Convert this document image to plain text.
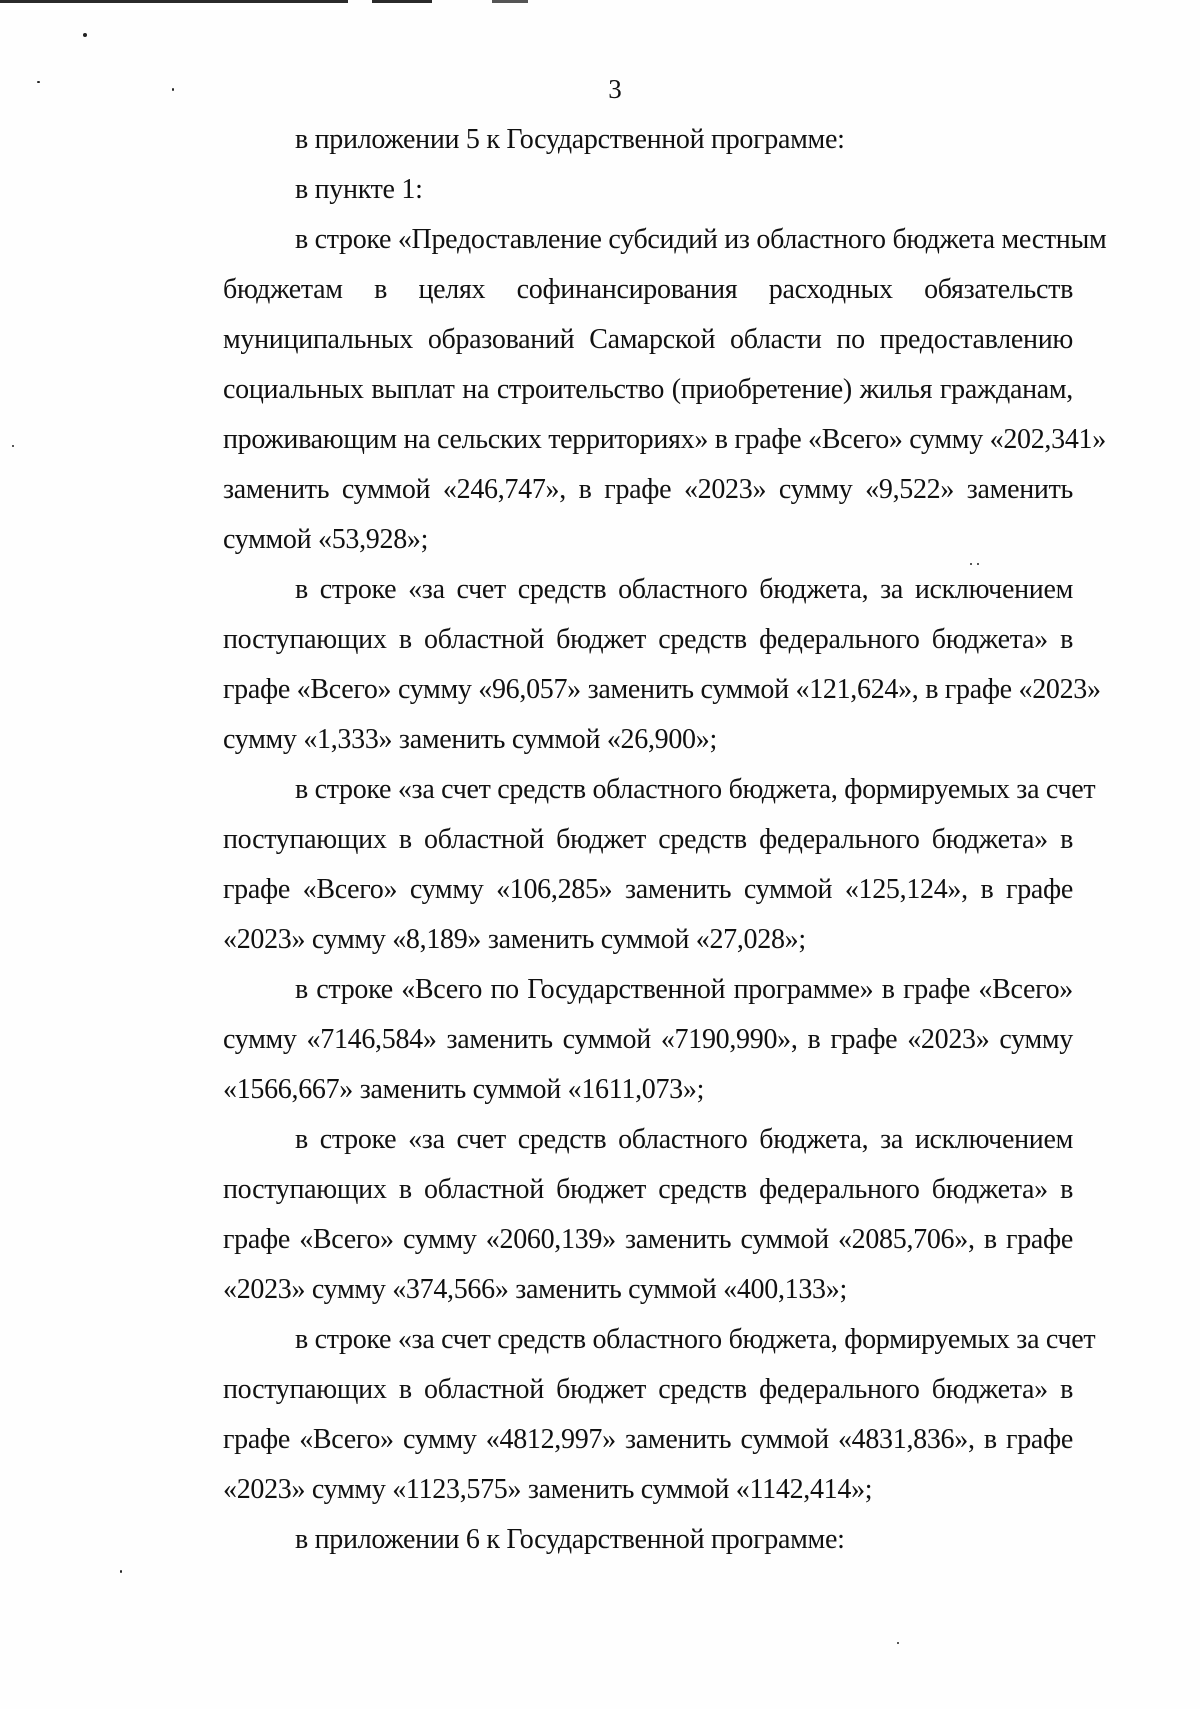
3

в приложении 5 к Государственной программе:

в пункте 1:

в строке «Предоставление субсидий из областного бюджета местным
бюджетам в целях софинансирования расходных обязательств
муниципальных образований Самарской области по предоставлению
социальных выплат на строительство (приобретение) жилья гражданам,
проживающим на сельских территориях» в графе «Всего» сумму «202,341»
заменить суммой «246,747», в графе «2023» сумму «9,522» заменить
суммой «53,928»;

в строке «за счет средств областного бюджета, за исключением
поступающих в областной бюджет средств федерального бюджета» в
графе «Всего» сумму «96,057» заменить суммой «121,624», в графе «2023»
сумму «1,333» заменить суммой «26,900»;

в строке «за счет средств областного бюджета, формируемых за счет
поступающих в областной бюджет средств федерального бюджета» в
графе «Всего» сумму «106,285» заменить суммой «125,124», в графе
«2023» сумму «8,189» заменить суммой «27,028»;

в строке «Всего по Государственной программе» в графе «Всего»
сумму «7146,584» заменить суммой «7190,990», в графе «2023» сумму
«1566,667» заменить суммой «1611,073»;

в строке «за счет средств областного бюджета, за исключением
поступающих в областной бюджет средств федерального бюджета» в
графе «Всего» сумму «2060,139» заменить суммой «2085,706», в графе
«2023» сумму «374,566» заменить суммой «400,133»;

в строке «за счет средств областного бюджета, формируемых за счет
поступающих в областной бюджет средств федерального бюджета» в
графе «Всего» сумму «4812,997» заменить суммой «4831,836», в графе
«2023» сумму «1123,575» заменить суммой «1142,414»;

в приложении 6 к Государственной программе:
